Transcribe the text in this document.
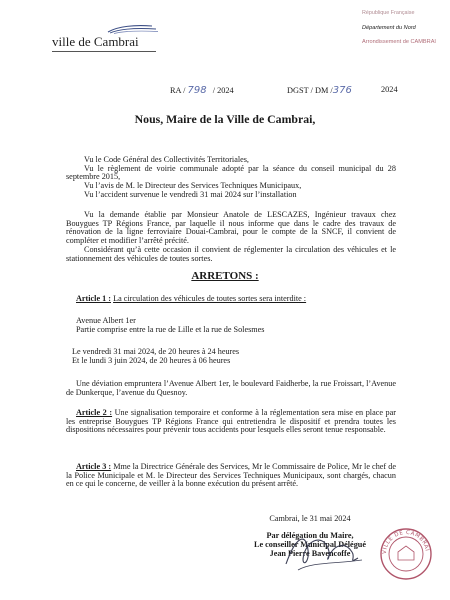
ville de Cambrai
République Française
Département du Nord
Arrondissement de CAMBRAI
RA / 798 / 2024	DGST / DM /376	2024
Nous, Maire de la Ville de Cambrai,
Vu le Code Général des Collectivités Territoriales,
Vu le règlement de voirie communale adopté par la séance du conseil municipal du 28 septembre 2015,
Vu l’avis de M. le Directeur des Services Techniques Municipaux,
Vu l’accident survenue le vendredi 31 mai 2024 sur l’installation
Vu la demande établie par Monsieur Anatole de LESCAZES, Ingénieur travaux chez Bouygues TP Régions France, par laquelle il nous informe que dans le cadre des travaux de rénovation de la ligne ferroviaire Douai-Cambrai, pour le compte de la SNCF, il convient de compléter et modifier l’arrêté précité.
Considérant qu’à cette occasion il convient de réglementer la circulation des véhicules et le stationnement des véhicules de toutes sortes.
ARRETONS :
Article 1 : La circulation des véhicules de toutes sortes sera interdite :
Avenue Albert 1er
Partie comprise entre la rue de Lille et la rue de Solesmes
Le vendredi 31 mai 2024, de 20 heures à 24 heures
Et le lundi 3 juin 2024, de 20 heures à 06 heures
Une déviation empruntera l’Avenue Albert 1er, le boulevard Faidherbe, la rue Froissart, l’Avenue de Dunkerque, l’avenue du Quesnoy.
Article 2 : Une signalisation temporaire et conforme à la réglementation sera mise en place par les entreprise Bouygues TP Régions France qui entretiendra le dispositif et prendra toutes les dispositions nécessaires pour prévenir tous accidents pour lesquels elles seront tenue responsable.
Article 3 : Mme la Directrice Générale des Services, Mr le Commissaire de Police, Mr le chef de la Police Municipale et M. le Directeur des Services Techniques Municipaux, sont chargés, chacun en ce qui le concerne, de veiller à la bonne exécution du présent arrêté.
Cambrai, le 31 mai 2024
Par délégation du Maire,
Le conseiller Municipal Délégué
Jean Pierre Bavencoffe	VILLE DE CAMBRAI
